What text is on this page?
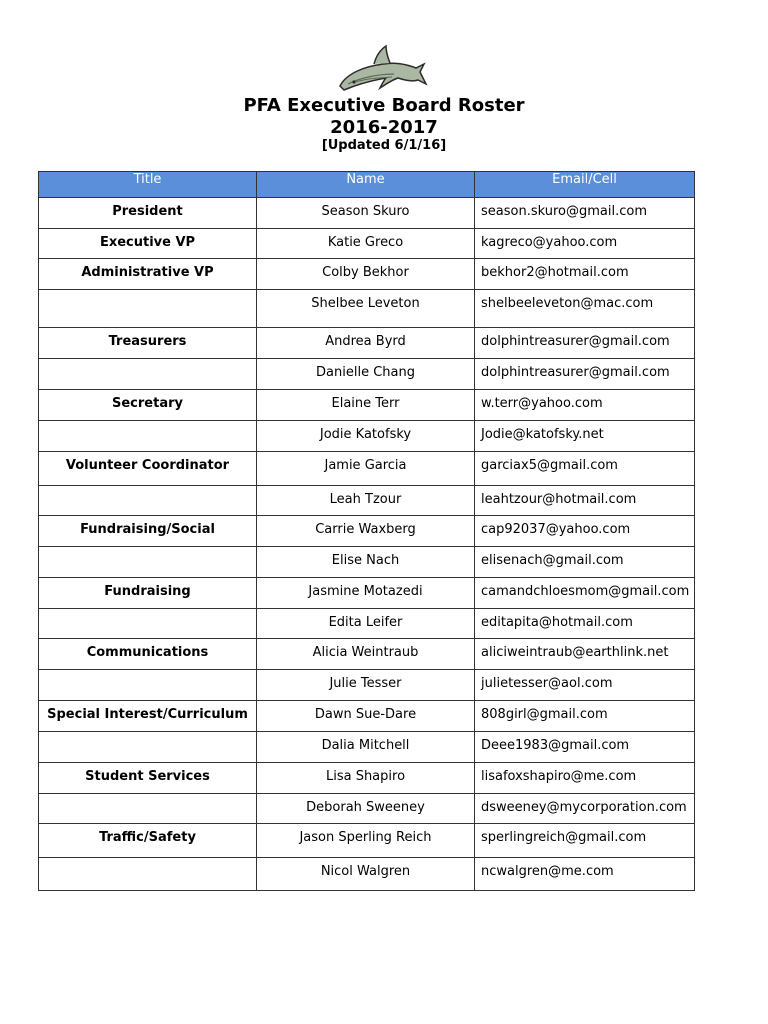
PFA Executive Board Roster
2016-2017
[Updated 6/1/16]
Title	Name	Email/Cell
President	Season Skuro	season.skuro@gmail.com
Executive VP	Katie Greco	kagreco@yahoo.com
Administrative VP	Colby Bekhor	bekhor2@hotmail.com
	Shelbee Leveton	shelbeeleveton@mac.com
Treasurers	Andrea Byrd	dolphintreasurer@gmail.com
	Danielle Chang	dolphintreasurer@gmail.com
Secretary	Elaine Terr	w.terr@yahoo.com
	Jodie Katofsky	Jodie@katofsky.net
Volunteer Coordinator	Jamie Garcia	garciax5@gmail.com
	Leah Tzour	leahtzour@hotmail.com
Fundraising/Social	Carrie Waxberg	cap92037@yahoo.com
	Elise Nach	elisenach@gmail.com
Fundraising	Jasmine Motazedi	camandchloesmom@gmail.com
	Edita Leifer	editapita@hotmail.com
Communications	Alicia Weintraub	aliciweintraub@earthlink.net
	Julie Tesser	julietesser@aol.com
Special Interest/Curriculum	Dawn Sue-Dare	808girl@gmail.com
	Dalia Mitchell	Deee1983@gmail.com
Student Services	Lisa Shapiro	lisafoxshapiro@me.com
	Deborah Sweeney	dsweeney@mycorporation.com
Traffic/Safety	Jason Sperling Reich	sperlingreich@gmail.com
	Nicol Walgren	ncwalgren@me.com
